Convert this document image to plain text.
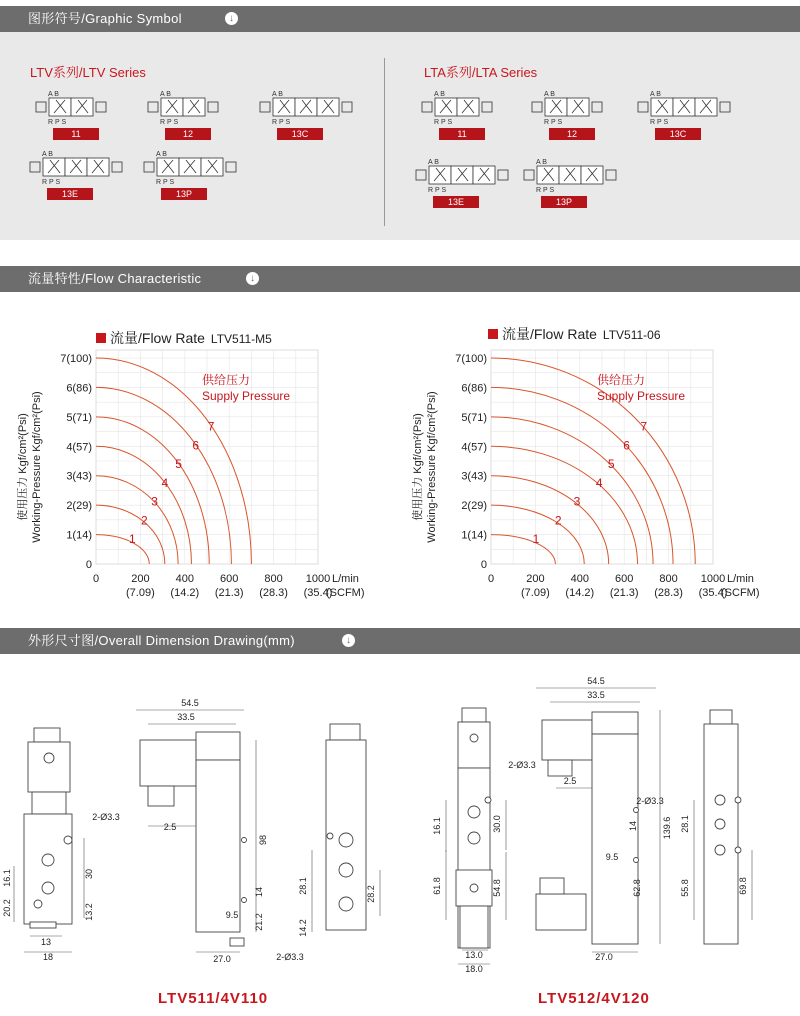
图形符号/Graphic Symbol	↓
LTV系列/LTV Series	LTA系列/LTA Series
A B
R P S
11
A B
R P S
12
A B
R P S
13C
A B
R P S
13E
A B
R P S
13P
A B
R P S
11
A B
R P S
12
A B
R P S
13C
A B
R P S
13E
A B
R P S
13P
流量特性/Flow Characteristic	↓
流量/Flow Rate LTV511-M5	流量/Flow Rate LTV511-06
0
1(14)
2(29)
3(43)
4(57)
5(71)
6(86)
7(100)
0	200 400 600 800 1000
(7.09) (14.2) (21.3) (28.3) (35.4)
L/min
(SCFM)
使用压力 Kgf/cm²(Psi) Working-Pressure Kgf/cm²(Psi)	1
2
3
4
5
6
7
供给压力
Supply Pressure
0
1(14)
2(29)
3(43)
4(57)
5(71)
6(86)
7(100)
0	200 400 600 800 1000
(7.09) (14.2) (21.3) (28.3) (35.4)
L/min
(SCFM)
使用压力 Kgf/cm²(Psi) Working-Pressure Kgf/cm²(Psi)	1
2
3
4
5
6
7
供给压力
Supply Pressure
外形尺寸图/Overall Dimension Drawing(mm)	↓
16.1
20.2
30
13.2
13
18
2-Ø3.3
54.5
33.5
98
2.5
14
9.5 21.2
27.0	2-Ø3.3
28.1
14.2
28.2
16.1
61.8
30.0
54.8
13.0
18.0
2-Ø3.3
54.5
33.5
139.6
2.5
2-Ø3.3
14
9.5
62.8
27.0
28.1
55.8	69.8
LTV511/4V110	LTV512/4V120
